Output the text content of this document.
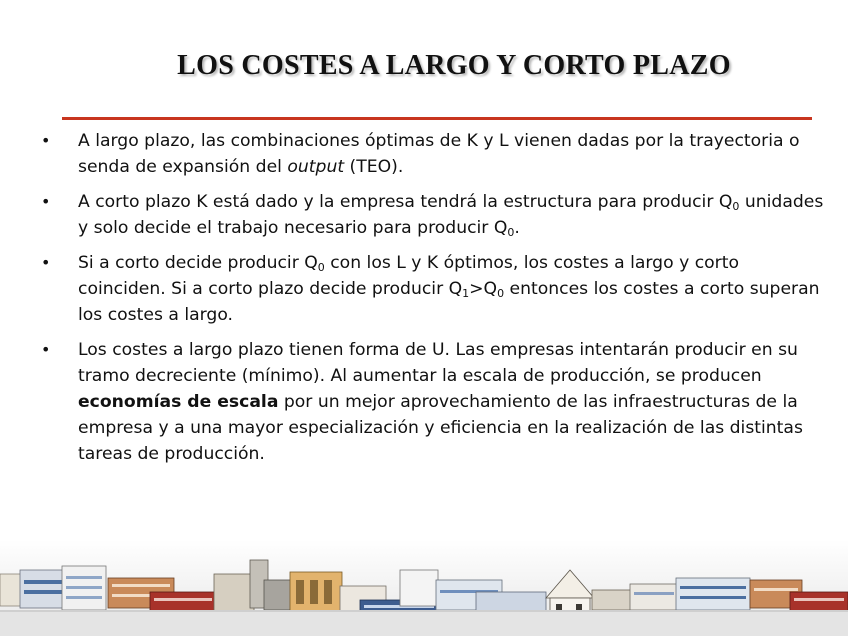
LOS COSTES A LARGO Y CORTO PLAZO
• A largo plazo, las combinaciones óptimas de K y L vienen dadas por la trayectoria o senda de expansión del output (TEO).
• A corto plazo K está dado y la empresa tendrá la estructura para producir $Q_0$ unidades y solo decide el trabajo necesario para producir $Q_0$.
• Si a corto decide producir $Q_0$ con los L y K óptimos, los costes a largo y corto coinciden. Si a corto plazo decide producir $Q_1>Q_0$ entonces los costes a corto superan los costes a largo.
• Los costes a largo plazo tienen forma de U. Las empresas intentarán producir en su tramo decreciente (mínimo). Al aumentar la escala de producción, se producen economías de escala por un mejor aprovechamiento de las infraestructuras de la empresa y a una mayor especialización y eficiencia en la realización de las distintas tareas de producción.
